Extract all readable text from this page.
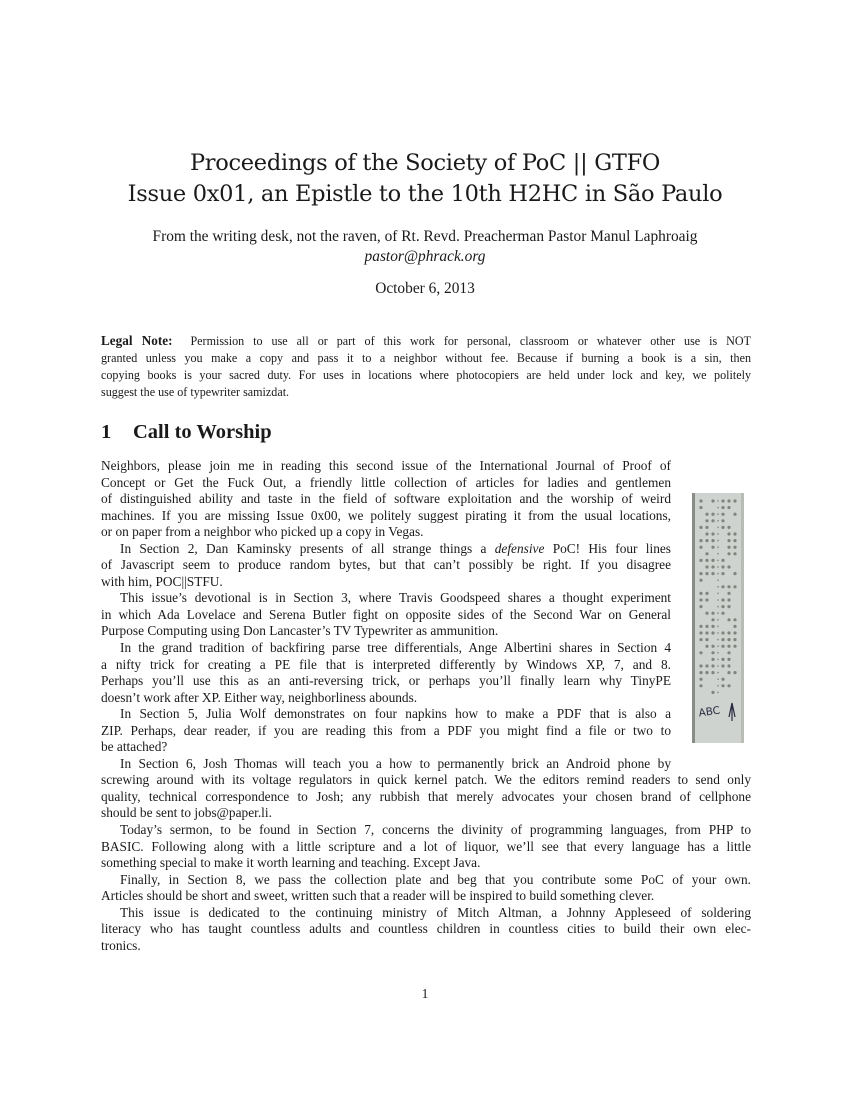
Proceedings of the Society of PoC || GTFO
Issue 0x01, an Epistle to the 10th H2HC in São Paulo

From the writing desk, not the raven, of Rt. Revd. Preacherman Pastor Manul Laphroaig

pastor@phrack.org

October 6, 2013

Legal Note: Permission to use all or part of this work for personal, classroom or whatever other use is NOT
granted unless you make a copy and pass it to a neighbor without fee. Because if burning a book is a sin, then
copying books is your sacred duty. For uses in locations where photocopiers are held under lock and key, we politely
suggest the use of typewriter samizdat.
1 Call to Worship
Neighbors, please join me in reading this second issue of the International Journal of Proof of
Concept or Get the Fuck Out, a friendly little collection of articles for ladies and gentlemen
of distinguished ability and taste in the field of software exploitation and the worship of weird
machines. If you are missing Issue 0x00, we politely suggest pirating it from the usual locations,
or on paper from a neighbor who picked up a copy in Vegas.
In Section 2, Dan Kaminsky presents of all strange things a defensive PoC! His four lines
of Javascript seem to produce random bytes, but that can’t possibly be right. If you disagree
with him, POC||STFU.
This issue’s devotional is in Section 3, where Travis Goodspeed shares a thought experiment
in which Ada Lovelace and Serena Butler fight on opposite sides of the Second War on General
Purpose Computing using Don Lancaster’s TV Typewriter as ammunition.
In the grand tradition of backfiring parse tree differentials, Ange Albertini shares in Section 4
a nifty trick for creating a PE file that is interpreted differently by Windows XP, 7, and 8.
Perhaps you’ll use this as an anti-reversing trick, or perhaps you’ll finally learn why TinyPE
doesn’t work after XP. Either way, neighborliness abounds.
In Section 5, Julia Wolf demonstrates on four napkins how to make a PDF that is also a
ZIP. Perhaps, dear reader, if you are reading this from a PDF you might find a file or two to
be attached?
In Section 6, Josh Thomas will teach you a how to permanently brick an Android phone by
screwing around with its voltage regulators in quick kernel patch. We the editors remind readers to send only
quality, technical correspondence to Josh; any rubbish that merely advocates your chosen brand of cellphone
should be sent to jobs@paper.li.
Today’s sermon, to be found in Section 7, concerns the divinity of programming languages, from PHP to
BASIC. Following along with a little scripture and a lot of liquor, we’ll see that every language has a little
something special to make it worth learning and teaching. Except Java.
Finally, in Section 8, we pass the collection plate and beg that you contribute some PoC of your own.
Articles should be short and sweet, written such that a reader will be inspired to build something clever.
This issue is dedicated to the continuing ministry of Mitch Altman, a Johnny Appleseed of soldering
literacy who has taught countless adults and countless children in countless cities to build their own elec-
tronics.
ABC

1
